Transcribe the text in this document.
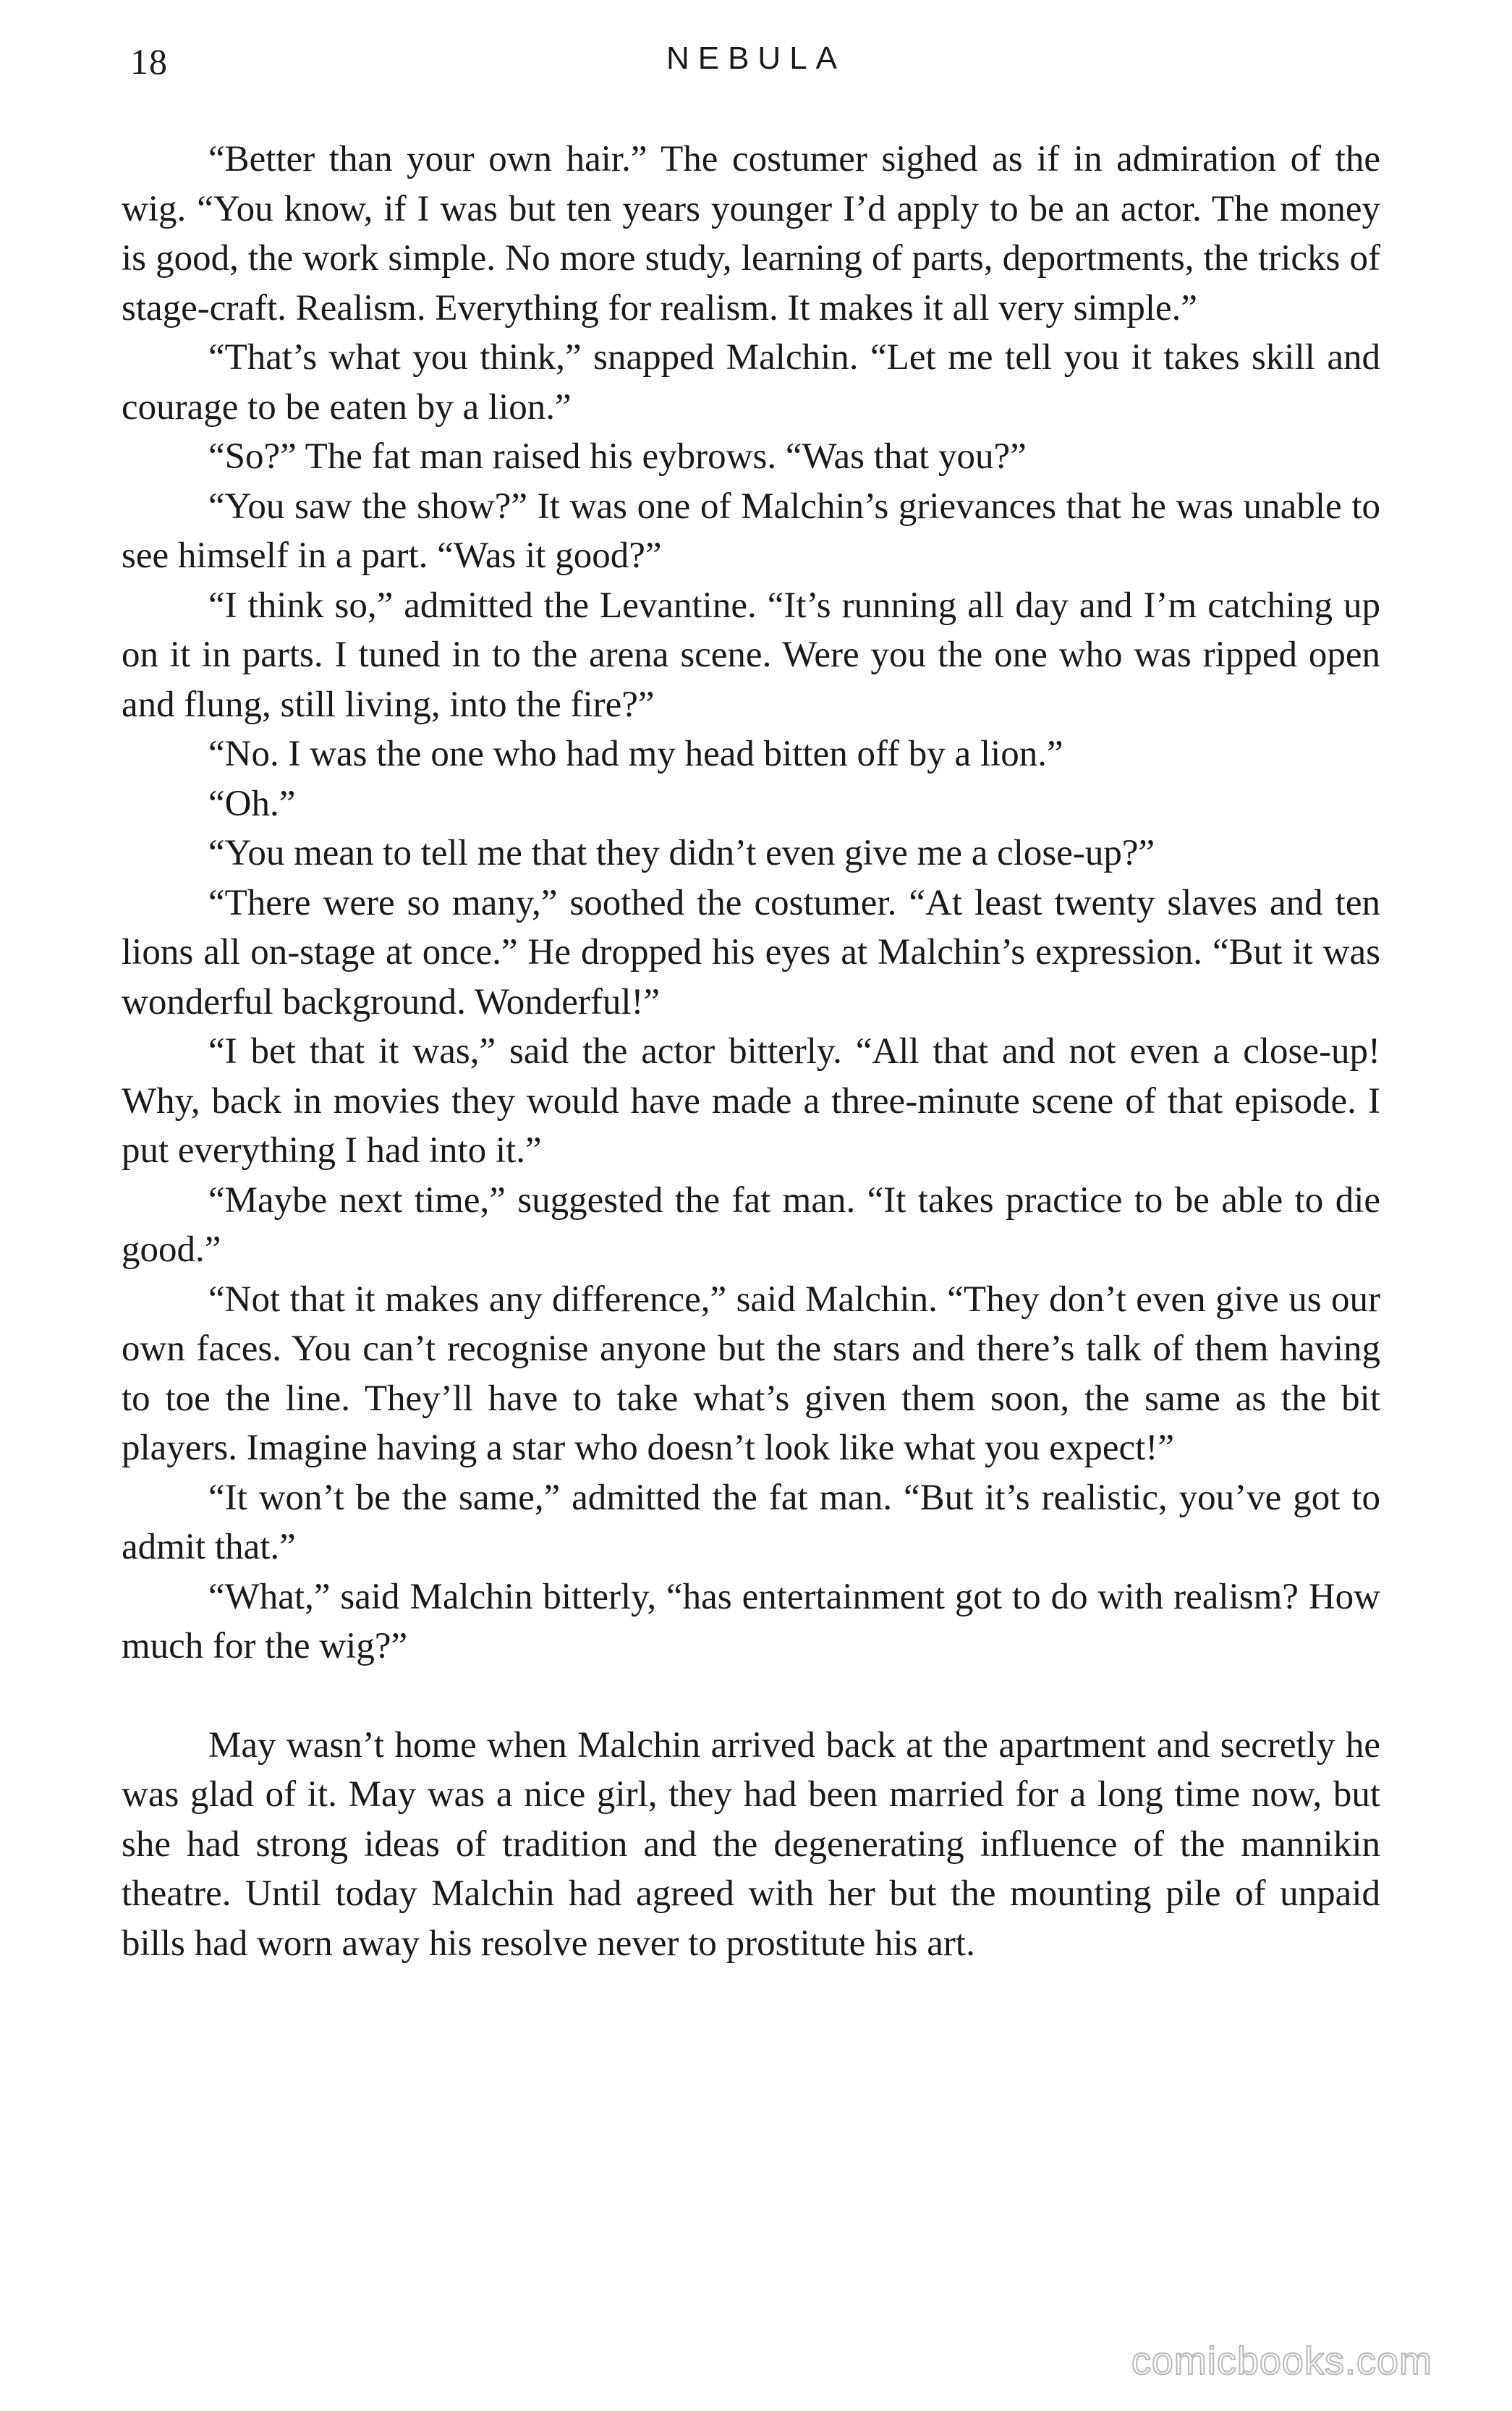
18	NEBULA

“Better than your own hair.” The costumer sighed as if in admiration of the wig. “You know, if I was but ten years younger I’d apply to be an actor. The money is good, the work simple. No more study, learning of parts, deportments, the tricks of stage-craft. Realism. Everything for realism. It makes it all very simple.”

“That’s what you think,” snapped Malchin. “Let me tell you it takes skill and courage to be eaten by a lion.”

“So?” The fat man raised his eybrows. “Was that you?”

“You saw the show?” It was one of Malchin’s grievances that he was unable to see himself in a part. “Was it good?”

“I think so,” admitted the Levantine. “It’s running all day and I’m catching up on it in parts. I tuned in to the arena scene. Were you the one who was ripped open and flung, still living, into the fire?”

“No. I was the one who had my head bitten off by a lion.”

“Oh.”

“You mean to tell me that they didn’t even give me a close-up?”

“There were so many,” soothed the costumer. “At least twenty slaves and ten lions all on-stage at once.” He dropped his eyes at Malchin’s expression. “But it was wonderful background. Wonderful!”

“I bet that it was,” said the actor bitterly. “All that and not even a close-up! Why, back in movies they would have made a three-minute scene of that episode. I put everything I had into it.”

“Maybe next time,” suggested the fat man. “It takes practice to be able to die good.”

“Not that it makes any difference,” said Malchin. “They don’t even give us our own faces. You can’t recognise anyone but the stars and there’s talk of them having to toe the line. They’ll have to take what’s given them soon, the same as the bit players. Imagine having a star who doesn’t look like what you expect!”

“It won’t be the same,” admitted the fat man. “But it’s realistic, you’ve got to admit that.”

“What,” said Malchin bitterly, “has entertainment got to do with realism? How much for the wig?”

May wasn’t home when Malchin arrived back at the apartment and secretly he was glad of it. May was a nice girl, they had been married for a long time now, but she had strong ideas of tradition and the degenerating influence of the mannikin theatre. Until today Malchin had agreed with her but the mounting pile of unpaid bills had worn away his resolve never to prostitute his art.

comicbooks.com
